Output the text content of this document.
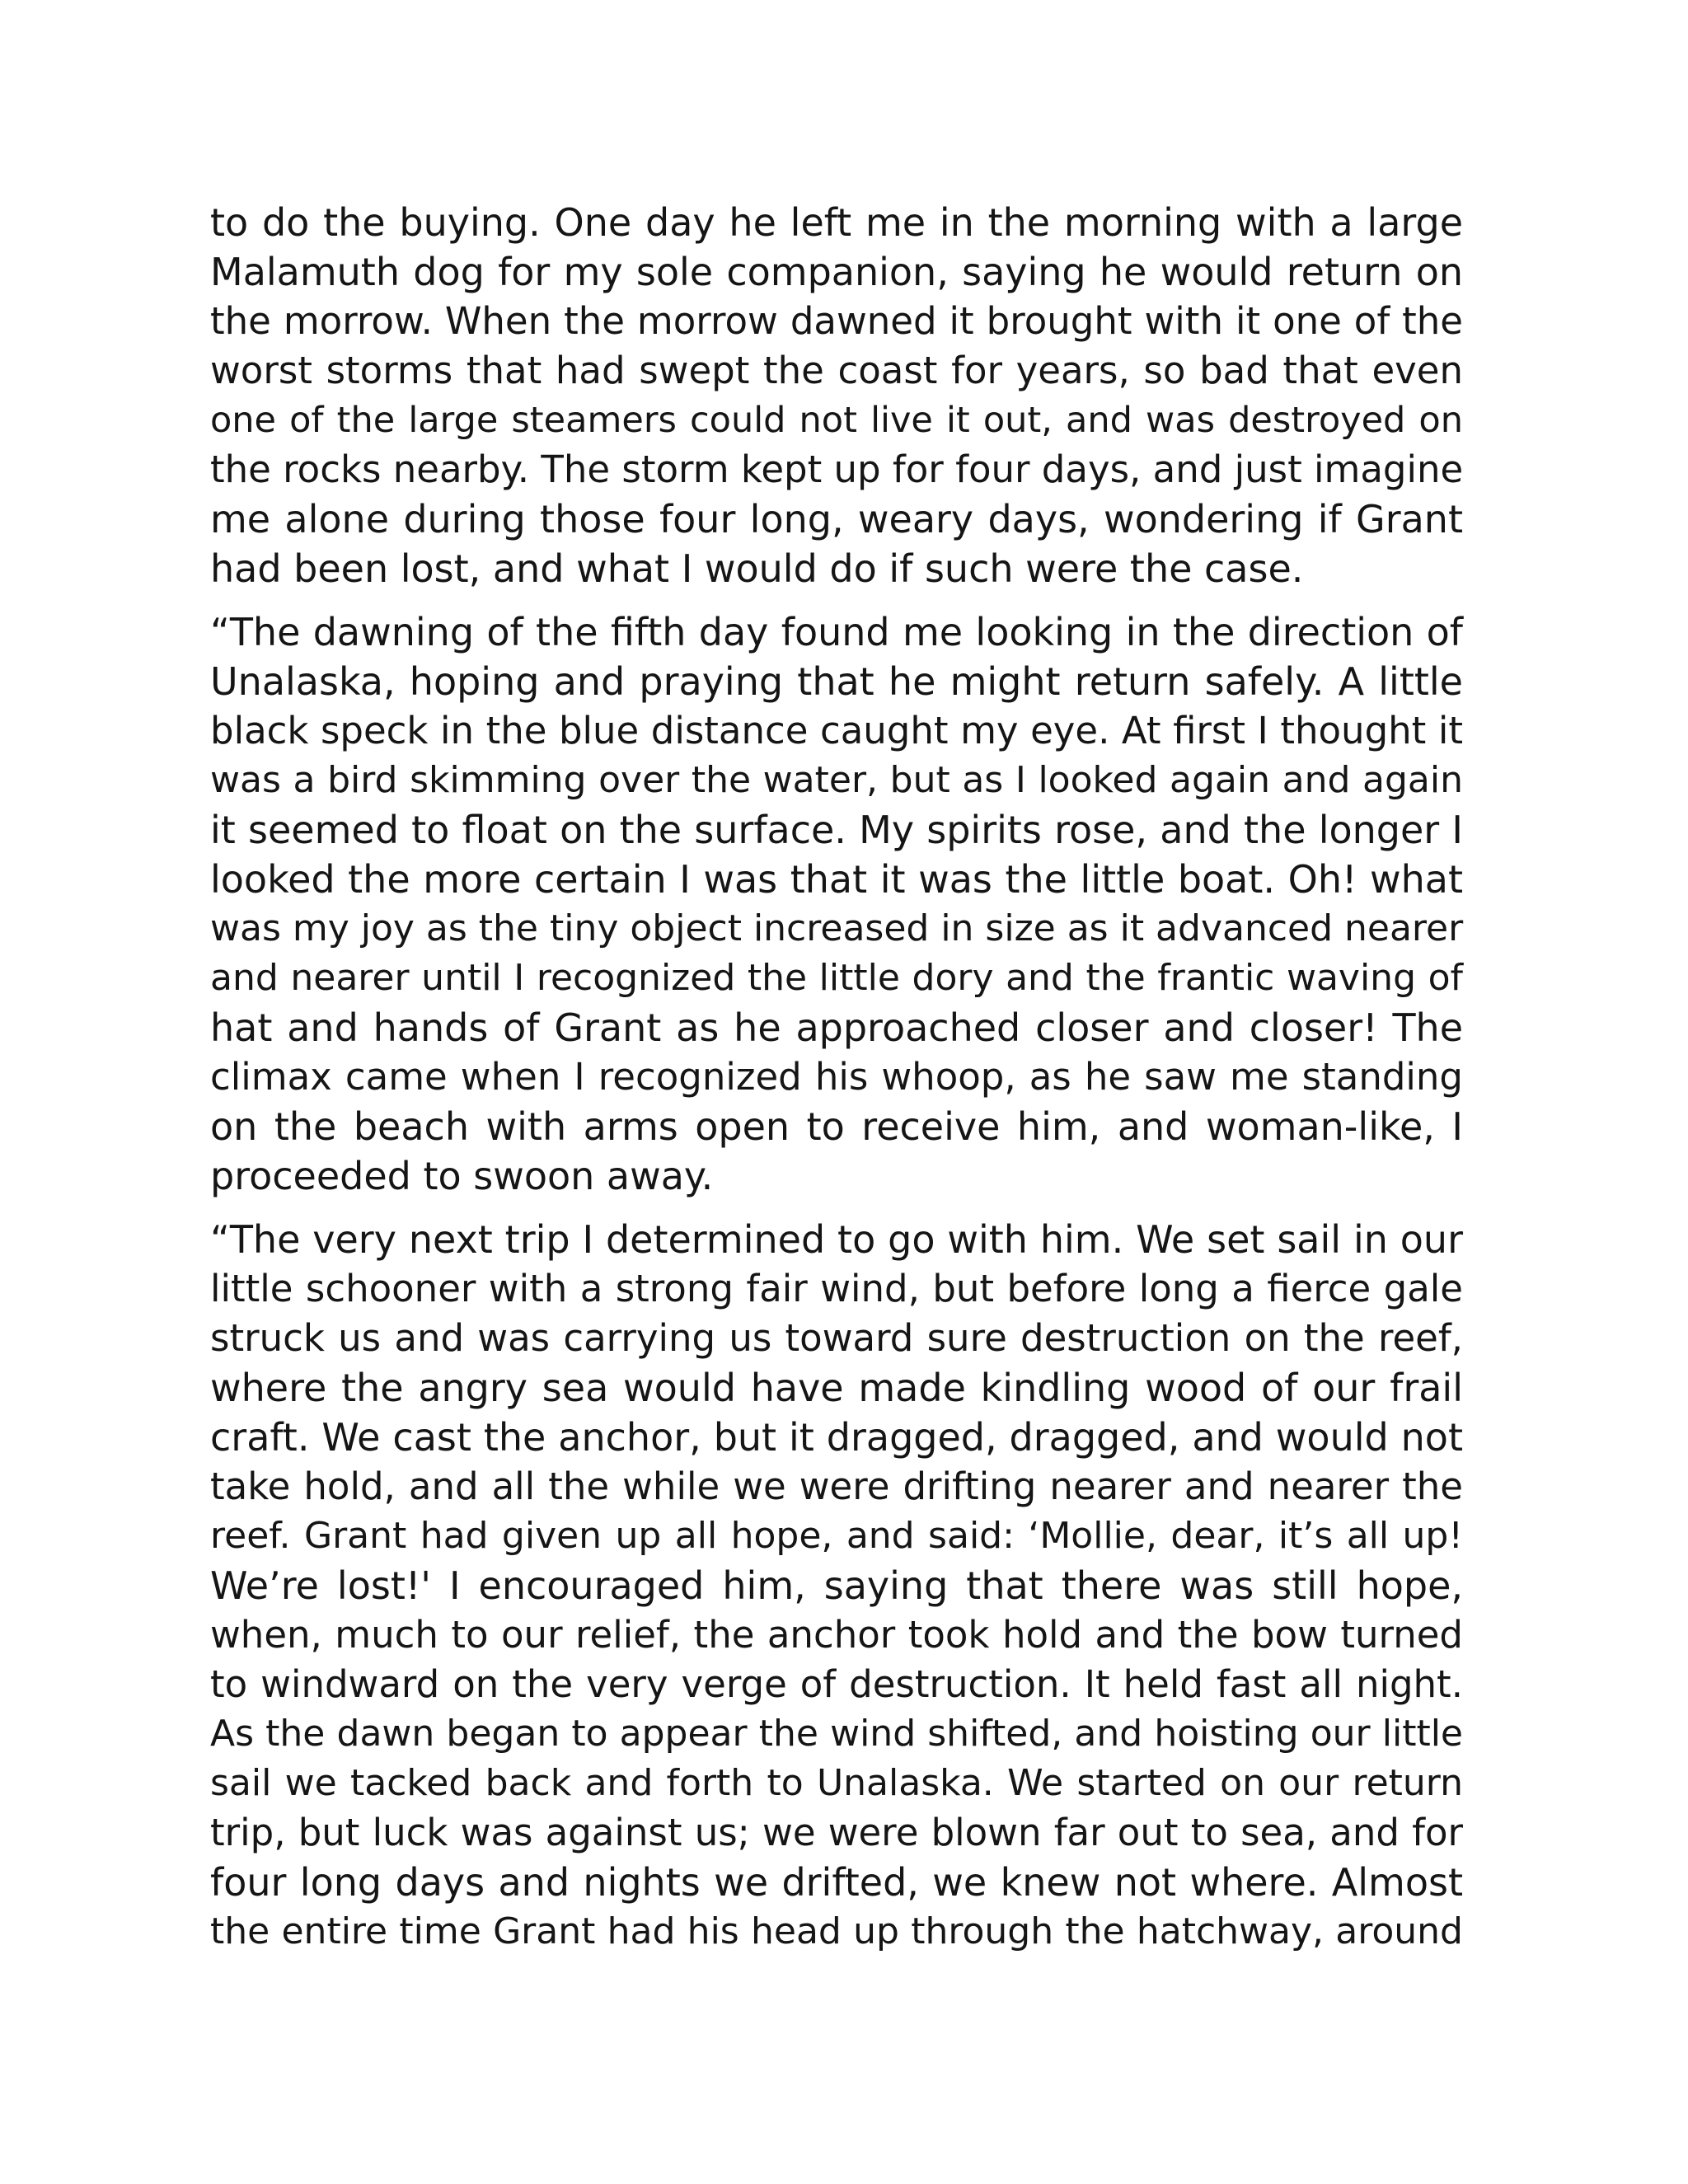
to do the buying. One day he left me in the morning with a large
Malamuth dog for my sole companion, saying he would return on
the morrow. When the morrow dawned it brought with it one of the
worst storms that had swept the coast for years, so bad that even
one of the large steamers could not live it out, and was destroyed on
the rocks nearby. The storm kept up for four days, and just imagine
me alone during those four long, weary days, wondering if Grant
had been lost, and what I would do if such were the case.

“The dawning of the fifth day found me looking in the direction of
Unalaska, hoping and praying that he might return safely. A little
black speck in the blue distance caught my eye. At first I thought it
was a bird skimming over the water, but as I looked again and again
it seemed to float on the surface. My spirits rose, and the longer I
looked the more certain I was that it was the little boat. Oh! what
was my joy as the tiny object increased in size as it advanced nearer
and nearer until I recognized the little dory and the frantic waving of
hat and hands of Grant as he approached closer and closer! The
climax came when I recognized his whoop, as he saw me standing
on the beach with arms open to receive him, and woman-like, I
proceeded to swoon away.

“The very next trip I determined to go with him. We set sail in our
little schooner with a strong fair wind, but before long a fierce gale
struck us and was carrying us toward sure destruction on the reef,
where the angry sea would have made kindling wood of our frail
craft. We cast the anchor, but it dragged, dragged, and would not
take hold, and all the while we were drifting nearer and nearer the
reef. Grant had given up all hope, and said: ‘Mollie, dear, it’s all up!
We’re lost!' I encouraged him, saying that there was still hope,
when, much to our relief, the anchor took hold and the bow turned
to windward on the very verge of destruction. It held fast all night.
As the dawn began to appear the wind shifted, and hoisting our little
sail we tacked back and forth to Unalaska. We started on our return
trip, but luck was against us; we were blown far out to sea, and for
four long days and nights we drifted, we knew not where. Almost
the entire time Grant had his head up through the hatchway, around
